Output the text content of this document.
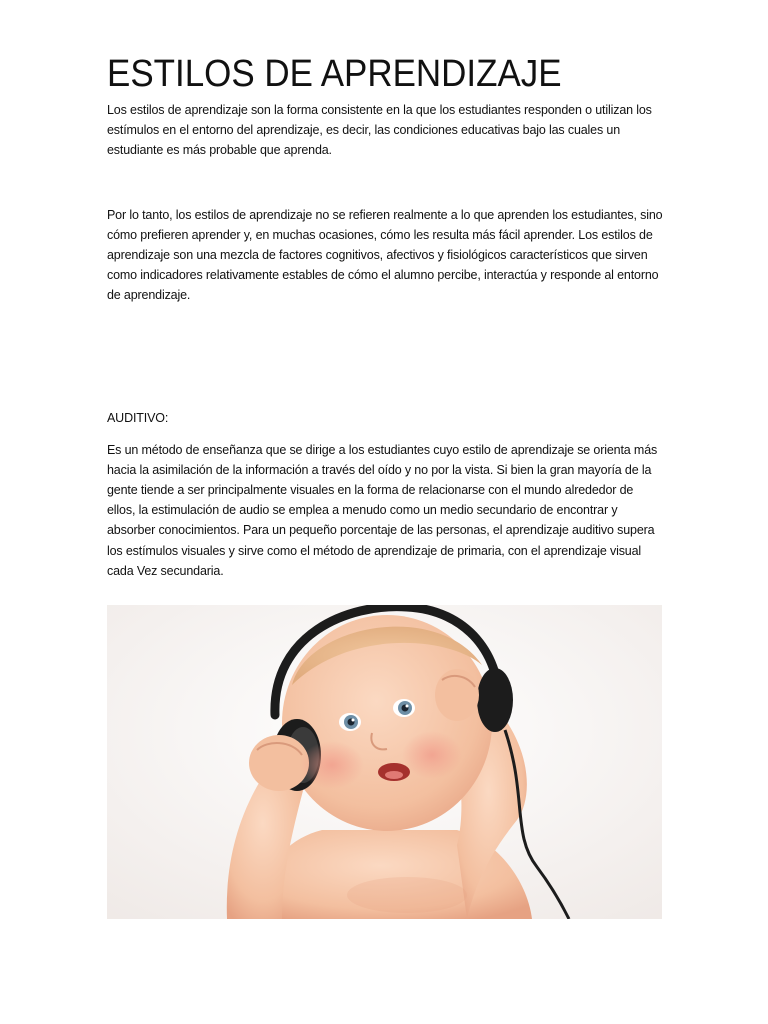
ESTILOS DE APRENDIZAJE

Los estilos de aprendizaje son la forma consistente en la que los estudiantes responden o utilizan los estímulos en el entorno del aprendizaje, es decir, las condiciones educativas bajo las cuales un estudiante es más probable que aprenda.

Por lo tanto, los estilos de aprendizaje no se refieren realmente a lo que aprenden los estudiantes, sino cómo prefieren aprender y, en muchas ocasiones, cómo les resulta más fácil aprender. Los estilos de aprendizaje son una mezcla de factores cognitivos, afectivos y fisiológicos característicos que sirven como indicadores relativamente estables de cómo el alumno percibe, interactúa y responde al entorno de aprendizaje.

AUDITIVO:

Es un método de enseñanza que se dirige a los estudiantes cuyo estilo de aprendizaje se orienta más hacia la asimilación de la información a través del oído y no por la vista. Si bien la gran mayoría de la gente tiende a ser principalmente visuales en la forma de relacionarse con el mundo alrededor de ellos, la estimulación de audio se emplea a menudo como un medio secundario de encontrar y absorber conocimientos. Para un pequeño porcentaje de las personas, el aprendizaje auditivo supera los estímulos visuales y sirve como el método de aprendizaje de primaria, con el aprendizaje visual cada Vez secundaria.
